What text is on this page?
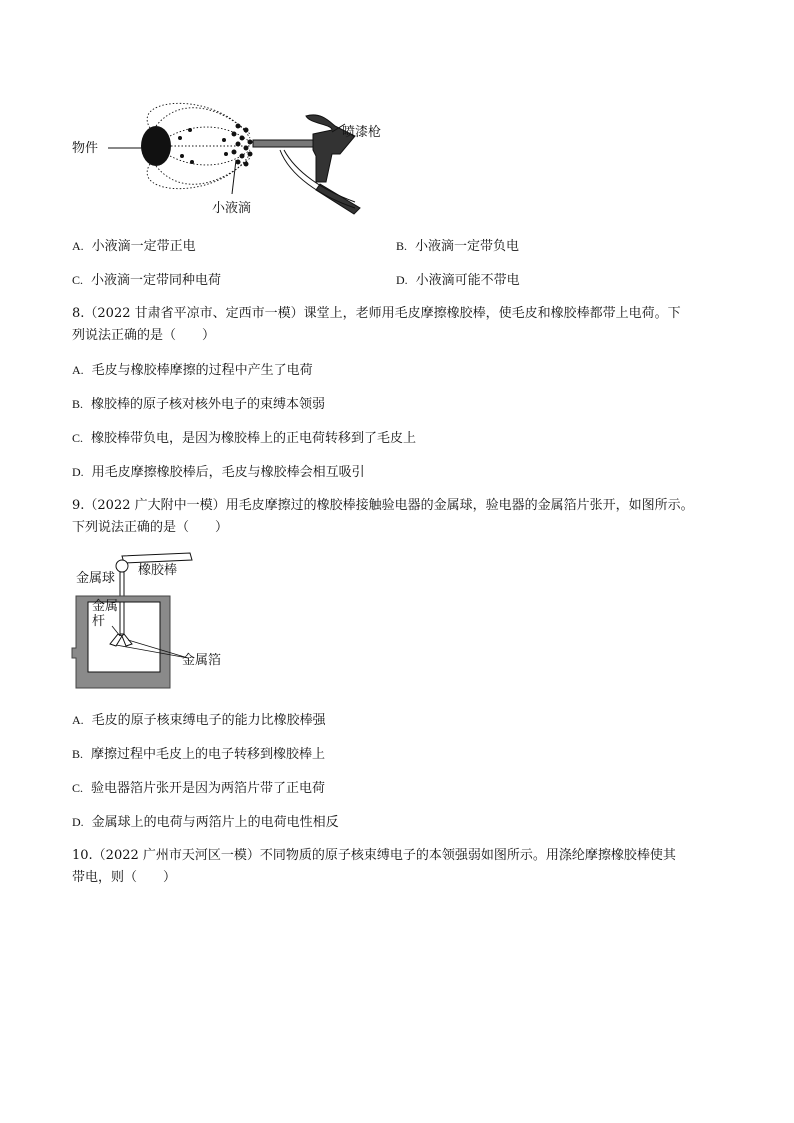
物件
喷漆枪
小液滴
A. 小液滴一定带正电	B. 小液滴一定带负电
C. 小液滴一定带同种电荷	D. 小液滴可能不带电
8.（2022 甘肃省平凉市、定西市一模）课堂上，老师用毛皮摩擦橡胶棒，使毛皮和橡胶棒都带上电荷。下
列说法正确的是（　　）
A. 毛皮与橡胶棒摩擦的过程中产生了电荷
B. 橡胶棒的原子核对核外电子的束缚本领弱
C. 橡胶棒带负电，是因为橡胶棒上的正电荷转移到了毛皮上
D. 用毛皮摩擦橡胶棒后，毛皮与橡胶棒会相互吸引
9.（2022 广大附中一模）用毛皮摩擦过的橡胶棒接触验电器的金属球，验电器的金属箔片张开，如图所示。
下列说法正确的是（　　）
金属球
橡胶棒
金属
杆
金属箔
A. 毛皮的原子核束缚电子的能力比橡胶棒强
B. 摩擦过程中毛皮上的电子转移到橡胶棒上
C. 验电器箔片张开是因为两箔片带了正电荷
D. 金属球上的电荷与两箔片上的电荷电性相反
10.（2022 广州市天河区一模）不同物质的原子核束缚电子的本领强弱如图所示。用涤纶摩擦橡胶棒使其
带电，则（　　）
